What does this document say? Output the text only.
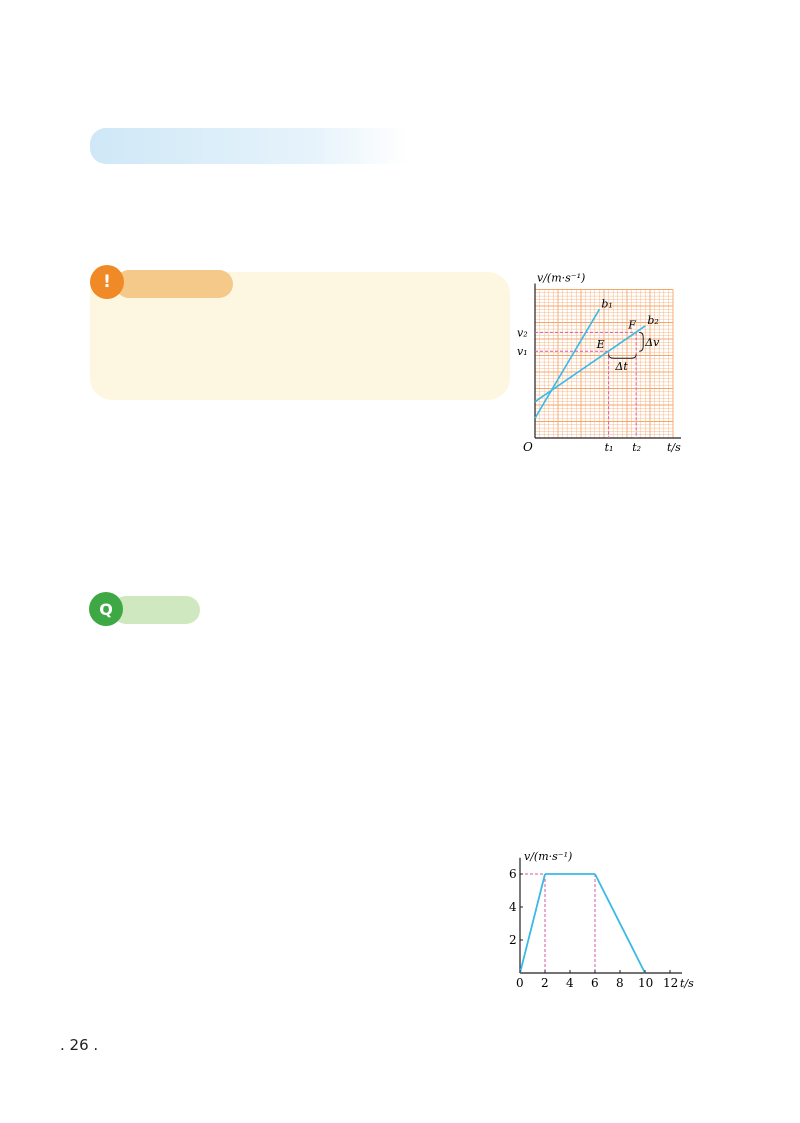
!

b₁
b₂
E
F
Δv
Δt
O	t₁ t₂ t/s
v₁
v₂
v/(m·s⁻¹)

Q

0 2 4 6 8 10 12
2
4
6
t/s
v/(m·s⁻¹)

. 26 .
